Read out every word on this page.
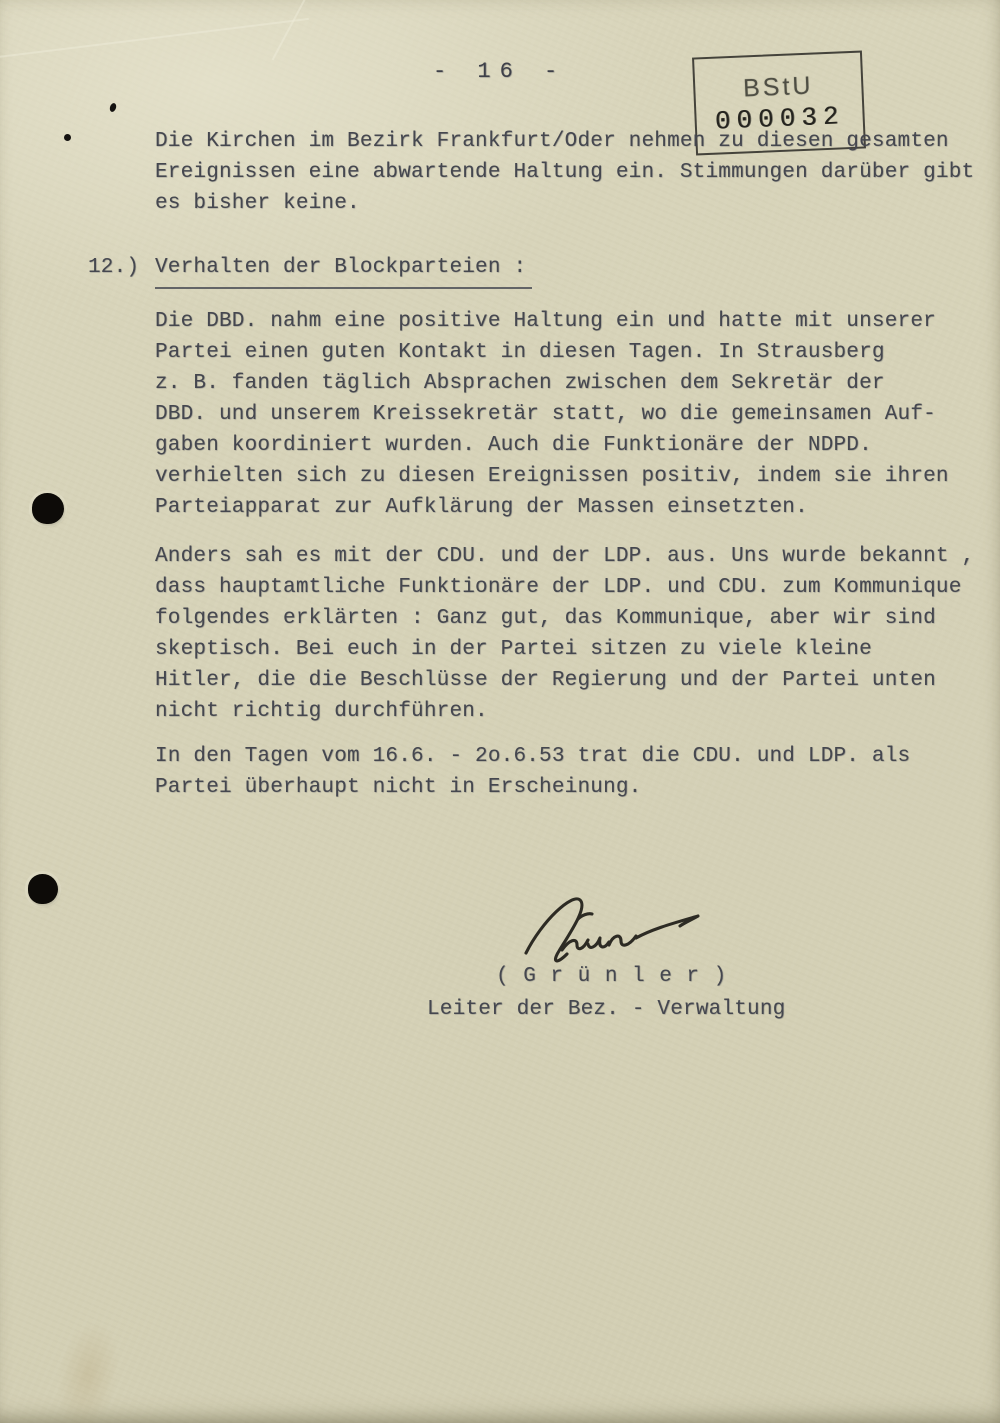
- 16 -	BStU
000032
Die Kirchen im Bezirk Frankfurt/Oder nehmen zu diesen gesamten
Ereignissen eine abwartende Haltung ein. Stimmungen darüber gibt
es bisher keine.
12.) Verhalten der Blockparteien :
Die DBD. nahm eine positive Haltung ein und hatte mit unserer
Partei einen guten Kontakt in diesen Tagen. In Strausberg
z. B. fanden täglich Absprachen zwischen dem Sekretär der
DBD. und unserem Kreissekretär statt, wo die gemeinsamen Auf-
gaben koordiniert wurden. Auch die Funktionäre der NDPD.
verhielten sich zu diesen Ereignissen positiv, indem sie ihren
Parteiapparat zur Aufklärung der Massen einsetzten.
Anders sah es mit der CDU. und der LDP. aus. Uns wurde bekannt ,
dass hauptamtliche Funktionäre der LDP. und CDU. zum Kommunique
folgendes erklärten : Ganz gut, das Kommunique, aber wir sind
skeptisch. Bei euch in der Partei sitzen zu viele kleine
Hitler, die die Beschlüsse der Regierung und der Partei unten
nicht richtig durchführen.
In den Tagen vom 16.6. - 2o.6.53 trat die CDU. und LDP. als
Partei überhaupt nicht in Erscheinung.
( G r ü n l e r )
Leiter der Bez. - Verwaltung
